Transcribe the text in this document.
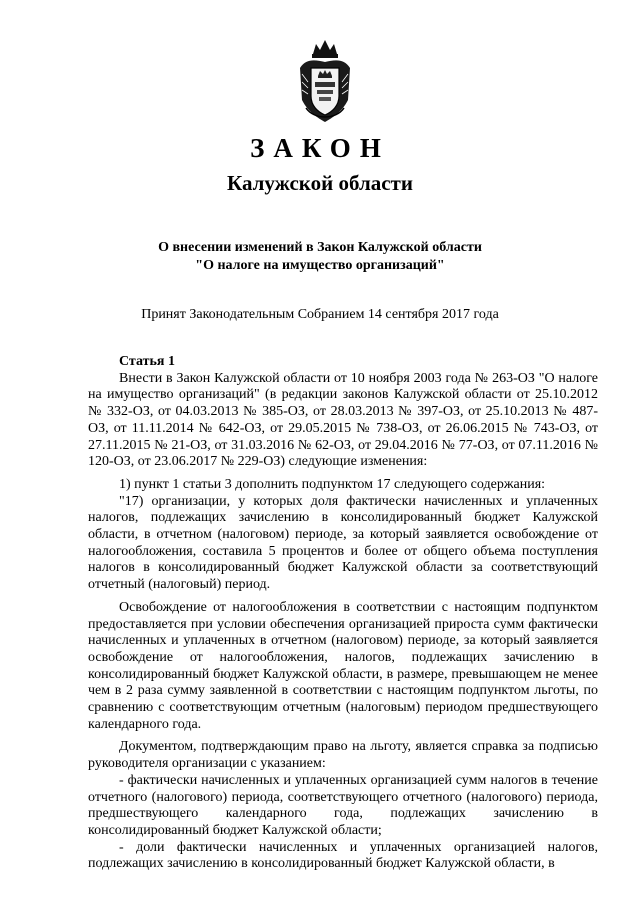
ЗАКОН
Калужской области
О внесении изменений в Закон Калужской области
"О налоге на имущество организаций"
Принят Законодательным Собранием 14 сентября 2017 года

Статья 1

Внести в Закон Калужской области от 10 ноября 2003 года № 263-ОЗ "О налоге на имущество организаций" (в редакции законов Калужской области от 25.10.2012 № 332-ОЗ, от 04.03.2013 № 385-ОЗ, от 28.03.2013 № 397-ОЗ, от 25.10.2013 № 487-ОЗ, от 11.11.2014 № 642-ОЗ, от 29.05.2015 № 738-ОЗ, от 26.06.2015 № 743-ОЗ, от 27.11.2015 № 21-ОЗ, от 31.03.2016 № 62-ОЗ, от 29.04.2016 № 77-ОЗ, от 07.11.2016 № 120-ОЗ, от 23.06.2017 № 229-ОЗ) следующие изменения:

1) пункт 1 статьи 3 дополнить подпунктом 17 следующего содержания:

"17) организации, у которых доля фактически начисленных и уплаченных налогов, подлежащих зачислению в консолидированный бюджет Калужской области, в отчетном (налоговом) периоде, за который заявляется освобождение от налогообложения, составила 5 процентов и более от общего объема поступления налогов в консолидированный бюджет Калужской области за соответствующий отчетный (налоговый) период.

Освобождение от налогообложения в соответствии с настоящим подпунктом предоставляется при условии обеспечения организацией прироста сумм фактически начисленных и уплаченных в отчетном (налоговом) периоде, за который заявляется освобождение от налогообложения, налогов, подлежащих зачислению в консолидированный бюджет Калужской области, в размере, превышающем не менее чем в 2 раза сумму заявленной в соответствии с настоящим подпунктом льготы, по сравнению с соответствующим отчетным (налоговым) периодом предшествующего календарного года.

Документом, подтверждающим право на льготу, является справка за подписью руководителя организации с указанием:

- фактически начисленных и уплаченных организацией сумм налогов в течение отчетного (налогового) периода, соответствующего отчетного (налогового) периода, предшествующего календарного года, подлежащих зачислению в консолидированный бюджет Калужской области;

- доли фактически начисленных и уплаченных организацией налогов, подлежащих зачислению в консолидированный бюджет Калужской области, в
